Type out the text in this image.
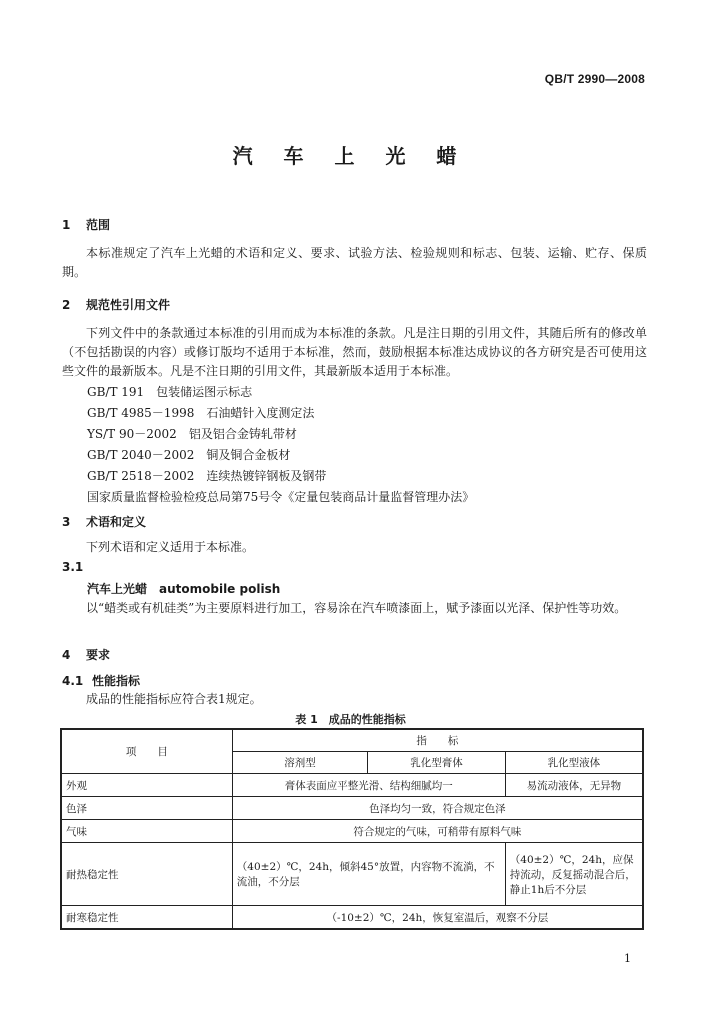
QB/T 2990—2008
汽 车 上 光 蜡
1 范围
本标准规定了汽车上光蜡的术语和定义、要求、试验方法、检验规则和标志、包装、运输、贮存、保质期。
2 规范性引用文件
下列文件中的条款通过本标准的引用而成为本标准的条款。凡是注日期的引用文件，其随后所有的修改单（不包括勘误的内容）或修订版均不适用于本标准，然而，鼓励根据本标准达成协议的各方研究是否可使用这些文件的最新版本。凡是不注日期的引用文件，其最新版本适用于本标准。
GB/T 191　包装储运图示标志
GB/T 4985－1998　石油蜡针入度测定法
YS/T 90－2002　铝及铝合金铸轧带材
GB/T 2040－2002　铜及铜合金板材
GB/T 2518－2002　连续热镀锌钢板及钢带
国家质量监督检验检疫总局第75号令《定量包装商品计量监督管理办法》
3 术语和定义
下列术语和定义适用于本标准。
3.1
汽车上光蜡　automobile polish
以“蜡类或有机硅类”为主要原料进行加工，容易涂在汽车喷漆面上，赋予漆面以光泽、保护性等功效。
4 要求
4.1 性能指标
成品的性能指标应符合表1规定。
表 1　成品的性能指标
项　　目	指　　标		
	溶剂型	乳化型膏体	乳化型液体
外观	膏体表面应平整光滑、结构细腻均一		易流动液体，无异物
色泽	色泽均匀一致，符合规定色泽		
气味	符合规定的气味，可稍带有原料气味		
耐热稳定性	（40±2）℃，24h，倾斜45°放置，内容物不流淌，不流油，不分层		（40±2）℃，24h，应保持流动，反复摇动混合后，静止1h后不分层
耐寒稳定性	（-10±2）℃，24h，恢复室温后，观察不分层		
1
